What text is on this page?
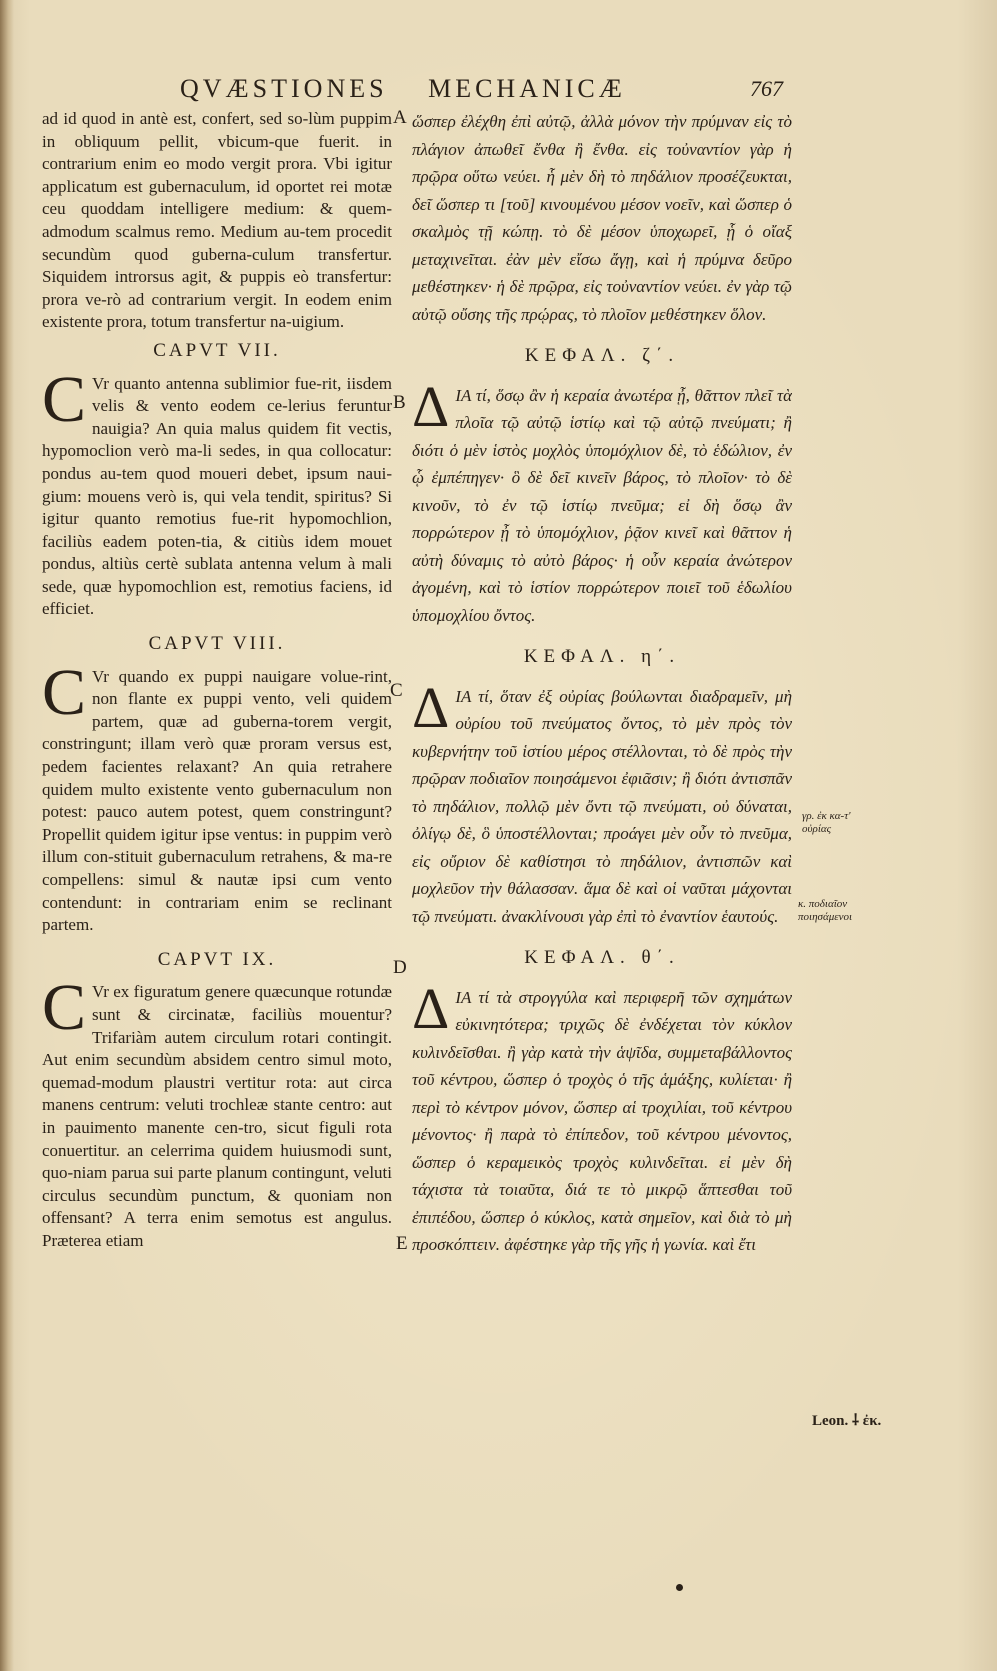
QVÆSTIONES MECHANICÆ	767

ad id quod in antè est, confert, sed so-lùm puppim in obliquum pellit, vbicum-que fuerit. in contrarium enim eo modo vergit prora. Vbi igitur applicatum est gubernaculum, id oportet rei motæ ceu quoddam intelligere medium: & quem-admodum scalmus remo. Medium au-tem procedit secundùm quod guberna-culum transfertur. Siquidem introrsus agit, & puppis eò transfertur: prora ve-rò ad contrarium vergit. In eodem enim existente prora, totum transfertur na-uigium.

CAPVT VII.

C Vr quanto antenna sublimior fue-rit, iisdem velis & vento eodem ce-lerius feruntur nauigia? An quia malus quidem fit vectis, hypomoclion verò ma-li sedes, in qua collocatur: pondus au-tem quod moueri debet, ipsum naui-gium: mouens verò is, qui vela tendit, spiritus? Si igitur quanto remotius fue-rit hypomochlion, faciliùs eadem poten-tia, & citiùs idem mouet pondus, altiùs certè sublata antenna velum à mali sede, quæ hypomochlion est, remotius faciens, id efficiet.

CAPVT VIII.

C Vr quando ex puppi nauigare volue-rint, non flante ex puppi vento, veli quidem partem, quæ ad guberna-torem vergit, constringunt; illam verò quæ proram versus est, pedem facientes relaxant? An quia retrahere quidem multo existente vento gubernaculum non potest: pauco autem potest, quem constringunt? Propellit quidem igitur ipse ventus: in puppim verò illum con-stituit gubernaculum retrahens, & ma-re compellens: simul & nautæ ipsi cum vento contendunt: in contrariam enim se reclinant partem.

CAPVT IX.

C Vr ex figuratum genere quæcunque rotundæ sunt & circinatæ, faciliùs mouentur? Trifariàm autem circulum rotari contingit. Aut enim secundùm absidem centro simul moto, quemad-modum plaustri vertitur rota: aut circa manens centrum: veluti trochleæ stante centro: aut in pauimento manente cen-tro, sicut figuli rota conuertitur. an celerrima quidem huiusmodi sunt, quo-niam parua sui parte planum contingunt, veluti circulus secundùm punctum, & quoniam non offensant? A terra enim semotus est angulus. Præterea etiam

A
B
C
D
E

ὥσπερ ἐλέχθη ἐπὶ αὐτῷ, ἀλλὰ μόνον τὴν πρύμναν εἰς τὸ πλάγιον ἀπωθεῖ ἔνθα ἢ ἔνθα. εἰς τοὐναντίον γὰρ ἡ πρῷρα οὕτω νεύει. ἧ μὲν δὴ τὸ πηδάλιον προσέζευκται, δεῖ ὥσπερ τι [τοῦ] κινουμένου μέσον νοεῖν, καὶ ὥσπερ ὁ σκαλμὸς τῇ κώπῃ. τὸ δὲ μέσον ὑποχωρεῖ, ᾗ ὁ οἴαξ μεταχινεῖται. ἐὰν μὲν εἴσω ἄγῃ, καὶ ἡ πρύμνα δεῦρο μεθέστηκεν· ἡ δὲ πρῷρα, εἰς τοὐναντίον νεύει. ἐν γὰρ τῷ αὐτῷ οὔσης τῆς πρῴρας, τὸ πλοῖον μεθέστηκεν ὅλον.

ΚΕΦΑΛ. ζ΄.

Δ ΙΑ τί, ὅσῳ ἂν ἡ κεραία ἀνωτέρα ᾖ, θᾶττον πλεῖ τὰ πλοῖα τῷ αὐτῷ ἱστίῳ καὶ τῷ αὐτῷ πνεύματι; ἢ διότι ὁ μὲν ἱστὸς μοχλὸς ὑπομόχλιον δὲ, τὸ ἑδώλιον, ἐν ᾧ ἐμπέπηγεν· ὃ δὲ δεῖ κινεῖν βάρος, τὸ πλοῖον· τὸ δὲ κινοῦν, τὸ ἐν τῷ ἱστίῳ πνεῦμα; εἰ δὴ ὅσῳ ἂν πορρώτερον ᾖ τὸ ὑπομόχλιον, ῥᾷον κινεῖ καὶ θᾶττον ἡ αὐτὴ δύναμις τὸ αὐτὸ βάρος· ἡ οὖν κεραία ἀνώτερον ἀγομένη, καὶ τὸ ἱστίον πορρώτερον ποιεῖ τοῦ ἑδωλίου ὑπομοχλίου ὄντος.

ΚΕΦΑΛ. η΄.

Δ ΙΑ τί, ὅταν ἐξ οὐρίας βούλωνται διαδραμεῖν, μὴ οὐρίου τοῦ πνεύματος ὄντος, τὸ μὲν πρὸς τὸν κυβερνήτην τοῦ ἱστίου μέρος στέλλονται, τὸ δὲ πρὸς τὴν πρῷραν ποδιαῖον ποιησάμενοι ἐφιᾶσιν; ἢ διότι ἀντισπᾶν τὸ πηδάλιον, πολλῷ μὲν ὄντι τῷ πνεύματι, οὐ δύναται, ὀλίγῳ δὲ, ὃ ὑποστέλλονται; προάγει μὲν οὖν τὸ πνεῦμα, εἰς οὔριον δὲ καθίστησι τὸ πηδάλιον, ἀντισπῶν καὶ μοχλεῦον τὴν θάλασσαν. ἅμα δὲ καὶ οἱ ναῦται μάχονται τῷ πνεύματι. ἀνακλίνουσι γὰρ ἐπὶ τὸ ἐναντίον ἑαυτούς.

ΚΕΦΑΛ. θ΄.

Δ ΙΑ τί τὰ στρογγύλα καὶ περιφερῆ τῶν σχημάτων εὐκινητότερα; τριχῶς δὲ ἐνδέχεται τὸν κύκλον κυλινδεῖσθαι. ἢ γὰρ κατὰ τὴν ἁψῖδα, συμμεταβάλλοντος τοῦ κέντρου, ὥσπερ ὁ τροχὸς ὁ τῆς ἁμάξης, κυλίεται· ἢ περὶ τὸ κέντρον μόνον, ὥσπερ αἱ τροχιλίαι, τοῦ κέντρου μένοντος· ἢ παρὰ τὸ ἐπίπεδον, τοῦ κέντρου μένοντος, ὥσπερ ὁ κεραμεικὸς τροχὸς κυλινδεῖται. εἰ μὲν δὴ τάχιστα τὰ τοιαῦτα, διά τε τὸ μικρῷ ἅπτεσθαι τοῦ ἐπιπέδου, ὥσπερ ὁ κύκλος, κατὰ σημεῖον, καὶ διὰ τὸ μὴ προσκόπτειν. ἀφέστηκε γὰρ τῆς γῆς ἡ γωνία. καὶ ἔτι

γρ. ἐκ κα-τ' οὐρίας
κ. ποδιαῖον ποιησάμενοι
Leon. ⸸ ἐκ.
